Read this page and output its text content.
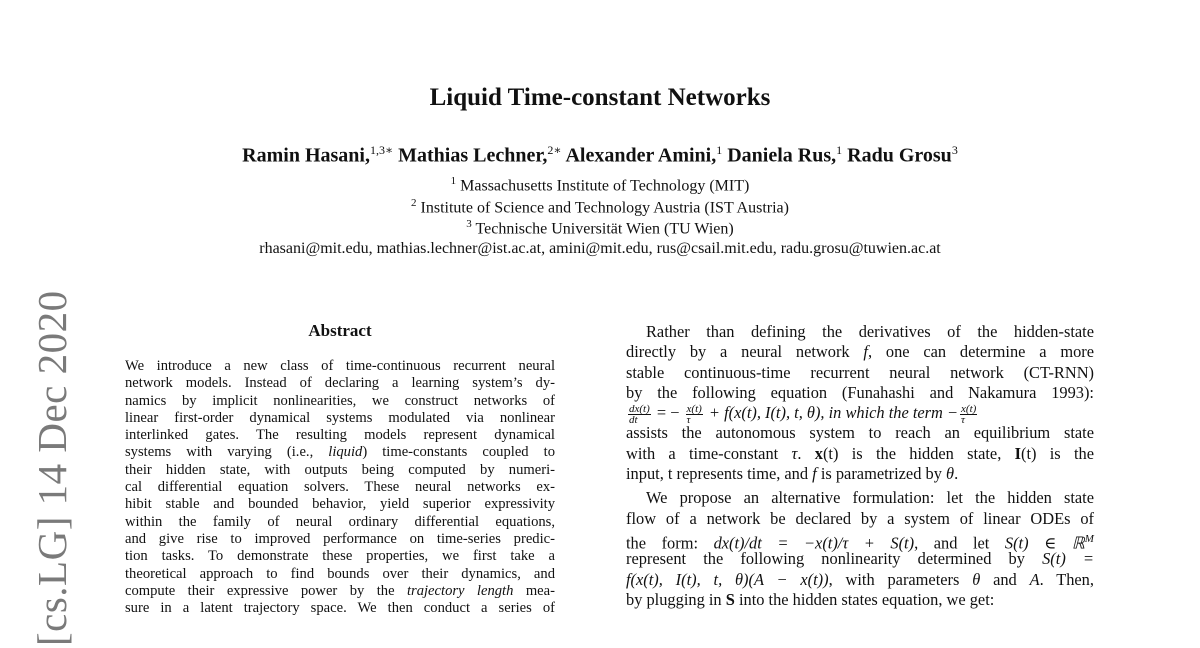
[cs.LG] 14 Dec 2020
Liquid Time-constant Networks
Ramin Hasani,$^{1,3∗}$ Mathias Lechner,$^{2∗}$ Alexander Amini,$^1$ Daniela Rus,$^1$ Radu Grosu$^3$
$^1$ Massachusetts Institute of Technology (MIT)
$^2$ Institute of Science and Technology Austria (IST Austria)
$^3$ Technische Universität Wien (TU Wien)
rhasani@mit.edu, mathias.lechner@ist.ac.at, amini@mit.edu, rus@csail.mit.edu, radu.grosu@tuwien.ac.at
Abstract
We introduce a new class of time-continuous recurrent neural
network models. Instead of declaring a learning system’s dy-
namics by implicit nonlinearities, we construct networks of
linear first-order dynamical systems modulated via nonlinear
interlinked gates. The resulting models represent dynamical
systems with varying (i.e., liquid) time-constants coupled to
their hidden state, with outputs being computed by numeri-
cal differential equation solvers. These neural networks ex-
hibit stable and bounded behavior, yield superior expressivity
within the family of neural ordinary differential equations,
and give rise to improved performance on time-series predic-
tion tasks. To demonstrate these properties, we first take a
theoretical approach to find bounds over their dynamics, and
compute their expressive power by the trajectory length mea-
sure in a latent trajectory space. We then conduct a series of
Rather than defining the derivatives of the hidden-state
directly by a neural network f, one can determine a more
stable continuous-time recurrent neural network (CT-RNN)
by the following equation (Funahashi and Nakamura 1993):
$\frac{dx(t)}{dt}$ = − $\frac{x(t)}{\tau} + f(x(t)$, I(t), t, θ), in which the term − $\frac{x(t)}{\tau}$
assists the autonomous system to reach an equilibrium state
with a time-constant τ. x(t) is the hidden state, I(t) is the
input, t represents time, and f is parametrized by θ.
We propose an alternative formulation: let the hidden state
flow of a network be declared by a system of linear ODEs of
the form: dx(t)/dt = −x(t)/τ + S(t), and let S(t) ∈ ℝ$^M$
represent the following nonlinearity determined by S(t) =
f(x(t), I(t), t, θ)(A − x(t)), with parameters θ and A. Then,
by plugging in S into the hidden states equation, we get:
